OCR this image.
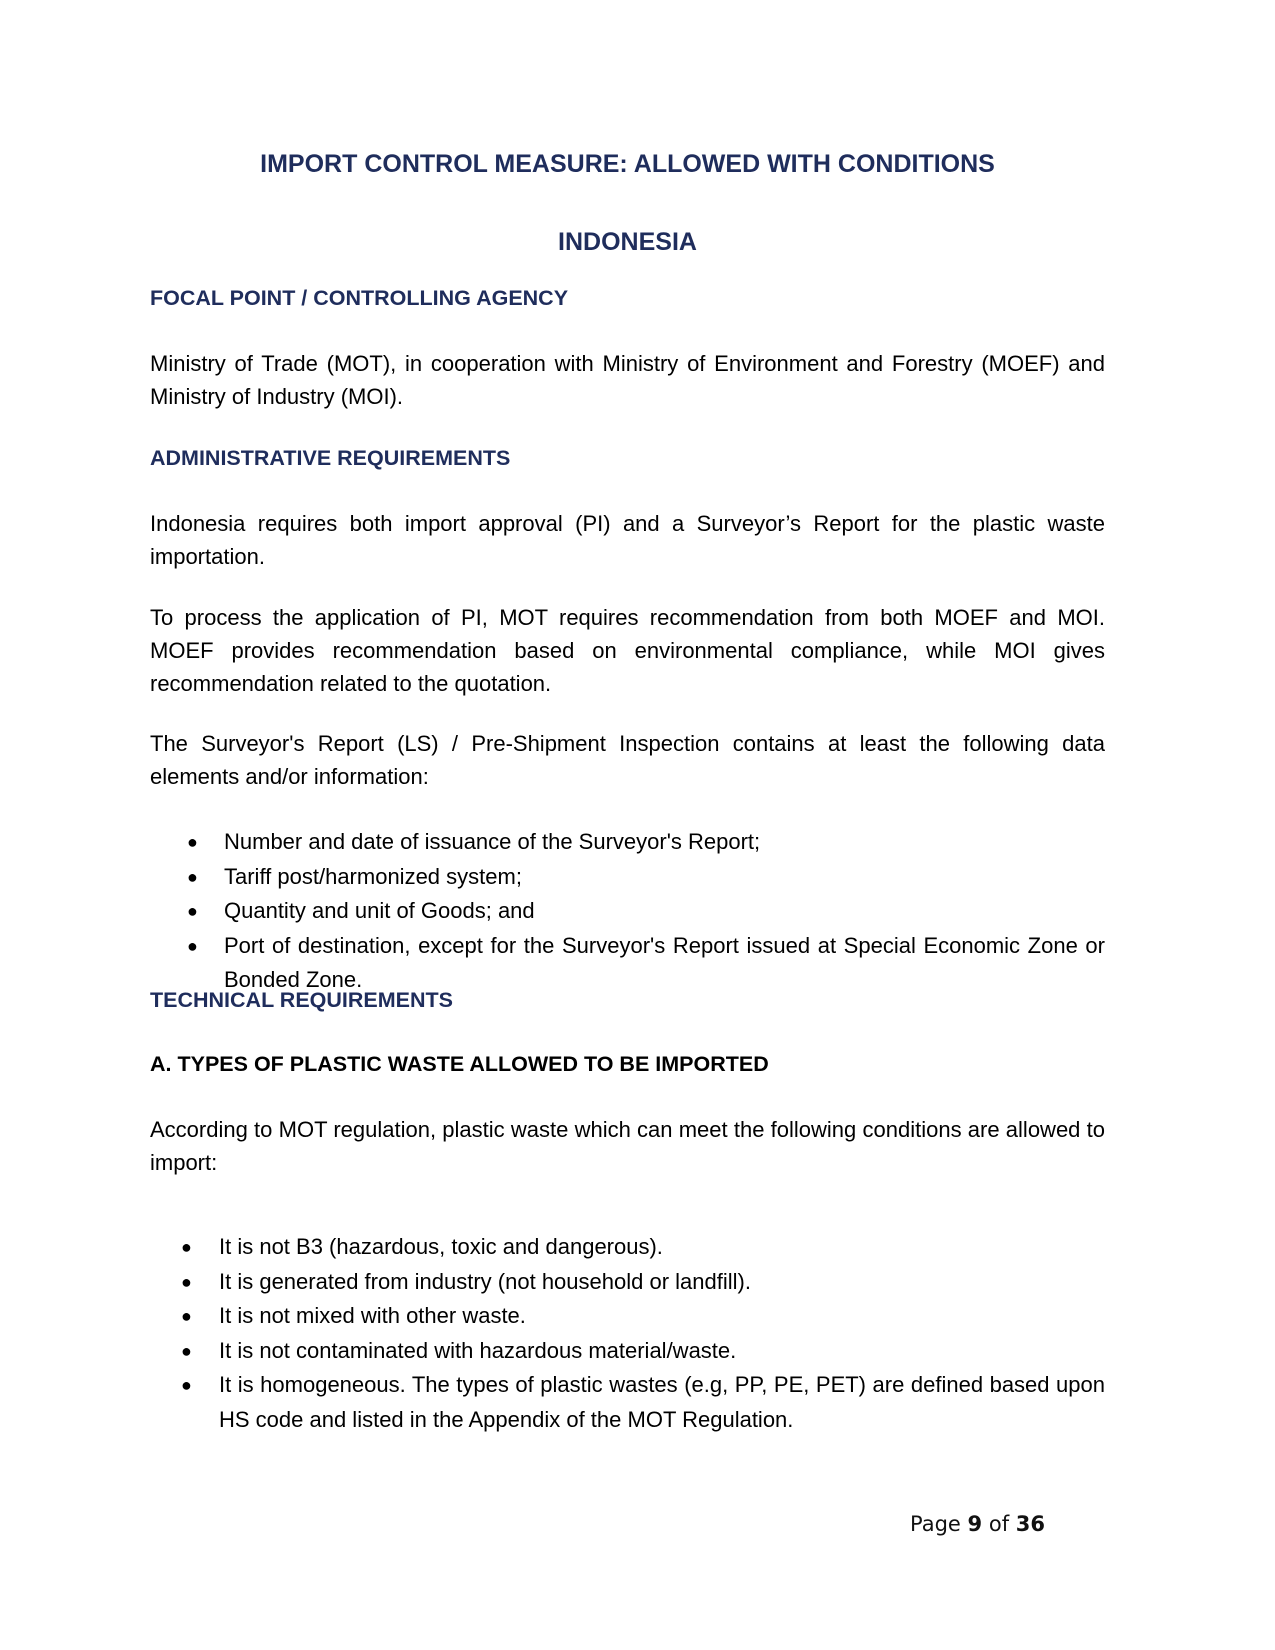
IMPORT CONTROL MEASURE: ALLOWED WITH CONDITIONS
INDONESIA
FOCAL POINT / CONTROLLING AGENCY

Ministry of Trade (MOT), in cooperation with Ministry of Environment and Forestry (MOEF) and Ministry of Industry (MOI).

ADMINISTRATIVE REQUIREMENTS

Indonesia requires both import approval (PI) and a Surveyor’s Report for the plastic waste importation.

To process the application of PI, MOT requires recommendation from both MOEF and MOI. MOEF provides recommendation based on environmental compliance, while MOI gives recommendation related to the quotation.

The Surveyor's Report (LS) / Pre-Shipment Inspection contains at least the following data elements and/or information:

● Number and date of issuance of the Surveyor's Report;
● Tariff post/harmonized system;
● Quantity and unit of Goods; and
● Port of destination, except for the Surveyor's Report issued at Special Economic Zone or Bonded Zone.
TECHNICAL REQUIREMENTS
A. TYPES OF PLASTIC WASTE ALLOWED TO BE IMPORTED

According to MOT regulation, plastic waste which can meet the following conditions are allowed to import:

● It is not B3 (hazardous, toxic and dangerous).
● It is generated from industry (not household or landfill).
● It is not mixed with other waste.
● It is not contaminated with hazardous material/waste.
● It is homogeneous. The types of plastic wastes (e.g, PP, PE, PET) are defined based upon HS code and listed in the Appendix of the MOT Regulation.
Page 9 of 36
